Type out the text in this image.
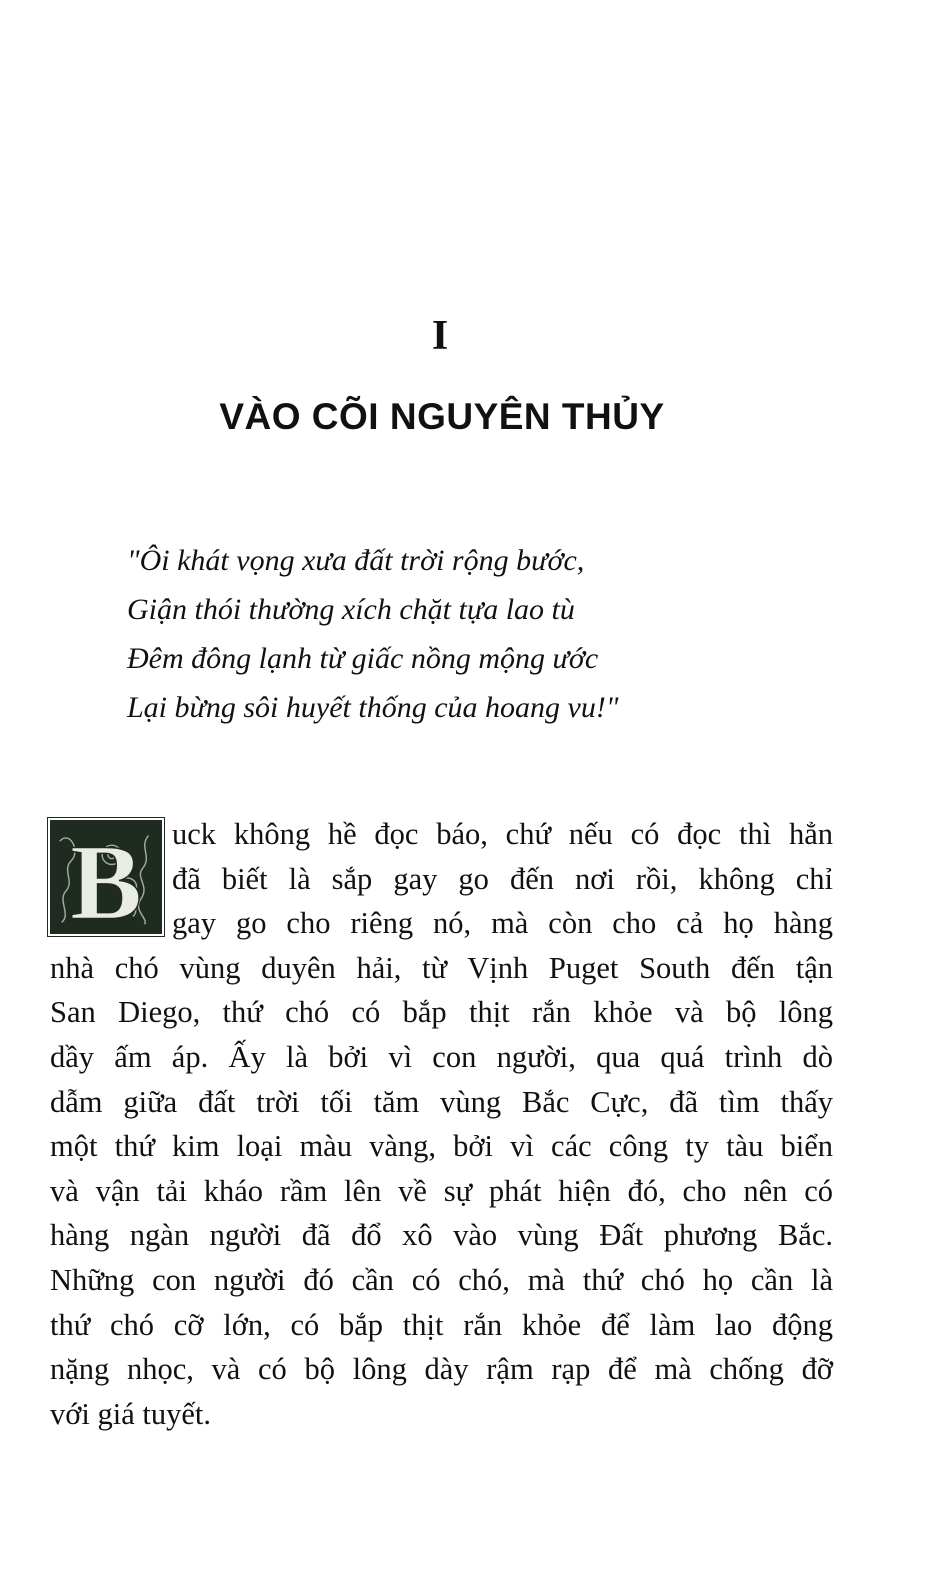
I
VÀO CÕI NGUYÊN THỦY
"Ôi khát vọng xưa đất trời rộng bước,
Giận thói thường xích chặt tựa lao tù
Đêm đông lạnh từ giấc nồng mộng ước
Lại bừng sôi huyết thống của hoang vu!"
B uck không hề đọc báo, chứ nếu có đọc thì hẳn
đã biết là sắp gay go đến nơi rồi, không chỉ
gay go cho riêng nó, mà còn cho cả họ hàng
nhà chó vùng duyên hải, từ Vịnh Puget South đến tận
San Diego, thứ chó có bắp thịt rắn khỏe và bộ lông
dầy ấm áp. Ấy là bởi vì con người, qua quá trình dò
dẫm giữa đất trời tối tăm vùng Bắc Cực, đã tìm thấy
một thứ kim loại màu vàng, bởi vì các công ty tàu biển
và vận tải kháo rầm lên về sự phát hiện đó, cho nên có
hàng ngàn người đã đổ xô vào vùng Đất phương Bắc.
Những con người đó cần có chó, mà thứ chó họ cần là
thứ chó cỡ lớn, có bắp thịt rắn khỏe để làm lao động
nặng nhọc, và có bộ lông dày rậm rạp để mà chống đỡ
với giá tuyết.
